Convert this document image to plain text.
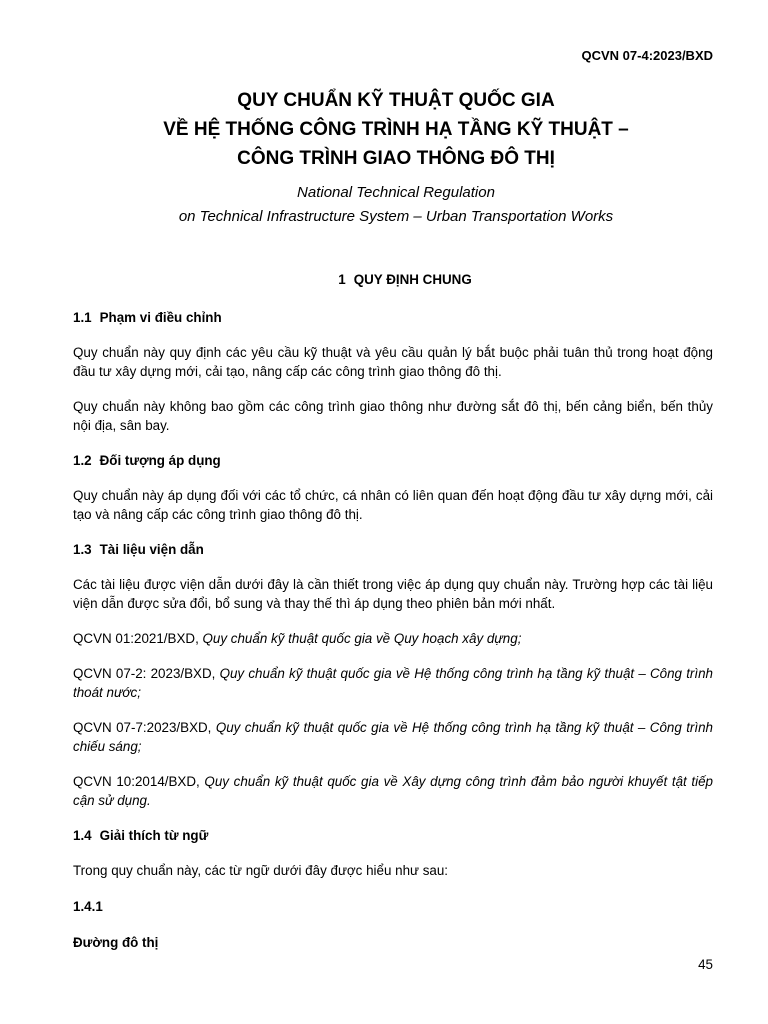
QCVN 07-4:2023/BXD
QUY CHUẨN KỸ THUẬT QUỐC GIA
VỀ HỆ THỐNG CÔNG TRÌNH HẠ TẦNG KỸ THUẬT –
CÔNG TRÌNH GIAO THÔNG ĐÔ THỊ
National Technical Regulation
on Technical Infrastructure System – Urban Transportation Works
1 QUY ĐỊNH CHUNG
1.1 Phạm vi điều chỉnh
Quy chuẩn này quy định các yêu cầu kỹ thuật và yêu cầu quản lý bắt buộc phải tuân thủ trong hoạt động đầu tư xây dựng mới, cải tạo, nâng cấp các công trình giao thông đô thị.
Quy chuẩn này không bao gồm các công trình giao thông như đường sắt đô thị, bến cảng biển, bến thủy nội địa, sân bay.
1.2 Đối tượng áp dụng
Quy chuẩn này áp dụng đối với các tổ chức, cá nhân có liên quan đến hoạt động đầu tư xây dựng mới, cải tạo và nâng cấp các công trình giao thông đô thị.
1.3 Tài liệu viện dẫn
Các tài liệu được viện dẫn dưới đây là cần thiết trong việc áp dụng quy chuẩn này. Trường hợp các tài liệu viện dẫn được sửa đổi, bổ sung và thay thế thì áp dụng theo phiên bản mới nhất.
QCVN 01:2021/BXD, Quy chuẩn kỹ thuật quốc gia về Quy hoạch xây dựng;
QCVN 07-2: 2023/BXD, Quy chuẩn kỹ thuật quốc gia về Hệ thống công trình hạ tầng kỹ thuật – Công trình thoát nước;
QCVN 07-7:2023/BXD, Quy chuẩn kỹ thuật quốc gia về Hệ thống công trình hạ tầng kỹ thuật – Công trình chiếu sáng;
QCVN 10:2014/BXD, Quy chuẩn kỹ thuật quốc gia về Xây dựng công trình đảm bảo người khuyết tật tiếp cận sử dụng.
1.4 Giải thích từ ngữ
Trong quy chuẩn này, các từ ngữ dưới đây được hiểu như sau:
1.4.1
Đường đô thị
45
